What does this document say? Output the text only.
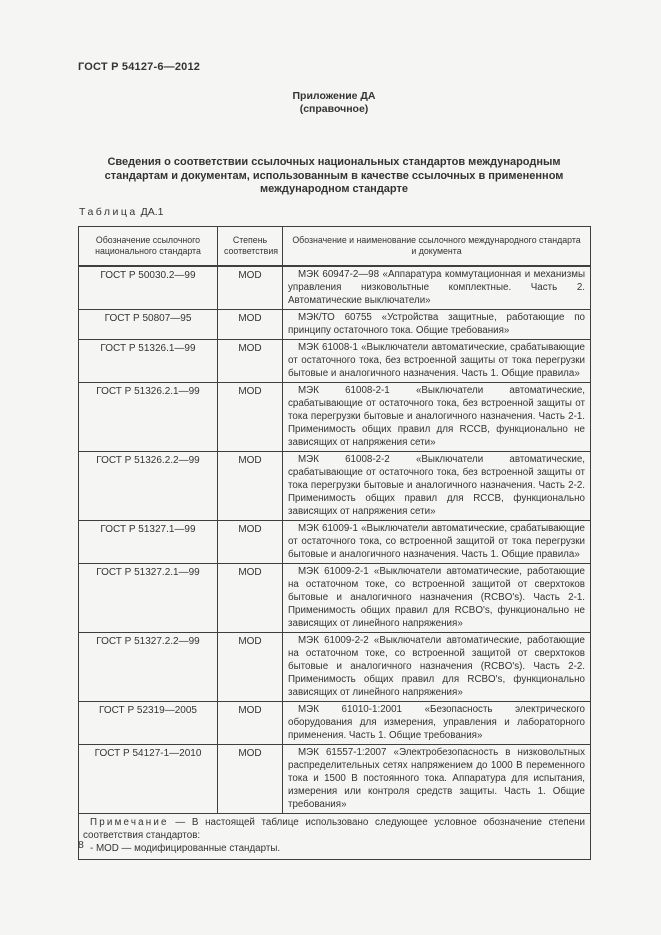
ГОСТ Р 54127-6—2012
Приложение ДА
(справочное)
Сведения о соответствии ссылочных национальных стандартов международным стандартам и документам, использованным в качестве ссылочных в примененном международном стандарте
Таблица ДА.1
Обозначение ссылочного национального стандарта	Степень соответствия	Обозначение и наименование ссылочного международного стандарта и документа
ГОСТ Р 50030.2—99	MOD	МЭК 60947-2—98 «Аппаратура коммутационная и механизмы управления низковольтные комплектные. Часть 2. Автоматические выключатели»
ГОСТ Р 50807—95	MOD	МЭК/ТО 60755 «Устройства защитные, работающие по принципу остаточного тока. Общие требования»
ГОСТ Р 51326.1—99	MOD	МЭК 61008-1 «Выключатели автоматические, срабатывающие от остаточного тока, без встроенной защиты от тока перегрузки бытовые и аналогичного назначения. Часть 1. Общие правила»
ГОСТ Р 51326.2.1—99	MOD	МЭК 61008-2-1 «Выключатели автоматические, срабатывающие от остаточного тока, без встроенной защиты от тока перегрузки бытовые и аналогичного назначения. Часть 2-1. Применимость общих правил для RCCB, функционально не зависящих от напряжения сети»
ГОСТ Р 51326.2.2—99	MOD	МЭК 61008-2-2 «Выключатели автоматические, срабатывающие от остаточного тока, без встроенной защиты от тока перегрузки бытовые и аналогичного назначения. Часть 2-2. Применимость общих правил для RCCB, функционально зависящих от напряжения сети»
ГОСТ Р 51327.1—99	MOD	МЭК 61009-1 «Выключатели автоматические, срабатывающие от остаточного тока, со встроенной защитой от тока перегрузки бытовые и аналогичного назначения. Часть 1. Общие правила»
ГОСТ Р 51327.2.1—99	MOD	МЭК 61009-2-1 «Выключатели автоматические, работающие на остаточном токе, со встроенной защитой от сверхтоков бытовые и аналогичного назначения (RCBO's). Часть 2-1. Применимость общих правил для RCBO's, функционально не зависящих от линейного напряжения»
ГОСТ Р 51327.2.2—99	MOD	МЭК 61009-2-2 «Выключатели автоматические, работающие на остаточном токе, со встроенной защитой от сверхтоков бытовые и аналогичного назначения (RCBO's). Часть 2-2. Применимость общих правил для RCBO's, функционально зависящих от линейного напряжения»
ГОСТ Р 52319—2005	MOD	МЭК 61010-1:2001 «Безопасность электрического оборудования для измерения, управления и лабораторного применения. Часть 1. Общие требования»
ГОСТ Р 54127-1—2010	MOD	МЭК 61557-1:2007 «Электробезопасность в низковольтных распределительных сетях напряжением до 1000 В переменного тока и 1500 В постоянного тока. Аппаратура для испытания, измерения или контроля средств защиты. Часть 1. Общие требования»

Примечание — В настоящей таблице использовано следующее условное обозначение степени соответствия стандартов:
- MOD — модифицированные стандарты.		
8
